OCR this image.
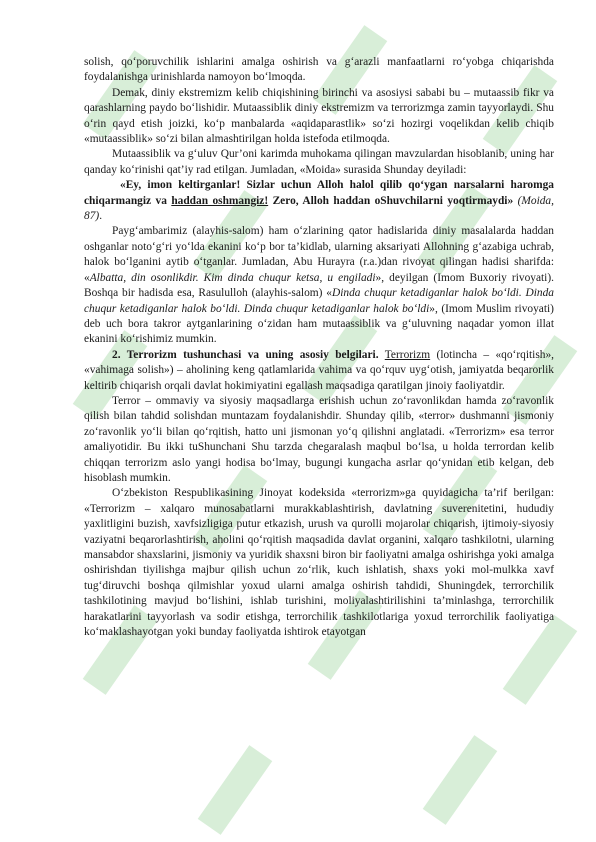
solish, qo‘poruvchilik ishlarini amalga oshirish va g‘arazli manfaatlarni ro‘yobga chiqarishda foydalanishga urinishlarda namoyon bo‘lmoqda.

Demak, diniy ekstremizm kelib chiqishining birinchi va asosiysi sababi bu – mutaassib fikr va qarashlarning paydo bo‘lishidir. Mutaassiblik diniy ekstremizm va terrorizmga zamin tayyorlaydi. Shu o‘rin qayd etish joizki, ko‘p manbalarda «aqidaparastlik» so‘zi hozirgi voqelikdan kelib chiqib «mutaassiblik» so‘zi bilan almashtirilgan holda istefoda etilmoqda.

Mutaassiblik va g‘uluv Qur’oni karimda muhokama qilingan mavzulardan hisoblanib, uning har qanday ko‘rinishi qat’iy rad etilgan. Jumladan, «Moida» surasida Shunday deyiladi:

«Ey, imon keltirganlar! Sizlar uchun Alloh halol qilib qo‘ygan narsalarni haromga chiqarmangiz va haddan oshmangiz! Zero, Alloh haddan oShuvchilarni yoqtirmaydi» (Moida, 87).

Payg‘ambarimiz (alayhis-salom) ham o‘zlarining qator hadislarida diniy masalalarda haddan oshganlar noto‘g‘ri yo‘lda ekanini ko‘p bor ta’kidlab, ularning aksariyati Allohning g‘azabiga uchrab, halok bo‘lganini aytib o‘tganlar. Jumladan, Abu Hurayra (r.a.)dan rivoyat qilingan hadisi sharifda: «Albatta, din osonlikdir. Kim dinda chuqur ketsa, u engiladi», deyilgan (Imom Buxoriy rivoyati). Boshqa bir hadisda esa, Rasululloh (alayhis-salom) «Dinda chuqur ketadiganlar halok bo‘ldi. Dinda chuqur ketadiganlar halok bo‘ldi. Dinda chuqur ketadiganlar halok bo‘ldi», (Imom Muslim rivoyati) deb uch bora takror aytganlarining o‘zidan ham mutaassiblik va g‘uluvning naqadar yomon illat ekanini ko‘rishimiz mumkin.

2. Terrorizm tushunchasi va uning asosiy belgilari. Terrorizm (lotincha – «qo‘rqitish», «vahimaga solish») – aholining keng qatlamlarida vahima va qo‘rquv uyg‘otish, jamiyatda beqarorlik keltirib chiqarish orqali davlat hokimiyatini egallash maqsadiga qaratilgan jinoiy faoliyatdir.

Terror – ommaviy va siyosiy maqsadlarga erishish uchun zo‘ravonlikdan hamda zo‘ravonlik qilish bilan tahdid solishdan muntazam foydalanishdir. Shunday qilib, «terror» dushmanni jismoniy zo‘ravonlik yo‘li bilan qo‘rqitish, hatto uni jismonan yo‘q qilishni anglatadi. «Terrorizm» esa terror amaliyotidir. Bu ikki tuShunchani Shu tarzda chegaralash maqbul bo‘lsa, u holda terrordan kelib chiqqan terrorizm aslo yangi hodisa bo‘lmay, bugungi kungacha asrlar qo‘ynidan etib kelgan, deb hisoblash mumkin.

O‘zbekiston Respublikasining Jinoyat kodeksida «terrorizm»ga quyidagicha ta’rif berilgan: «Terrorizm – xalqaro munosabatlarni murakkablashtirish, davlatning suverenitetini, hududiy yaxlitligini buzish, xavfsizligiga putur etkazish, urush va qurolli mojarolar chiqarish, ijtimoiy-siyosiy vaziyatni beqarorlashtirish, aholini qo‘rqitish maqsadida davlat organini, xalqaro tashkilotni, ularning mansabdor shaxslarini, jismoniy va yuridik shaxsni biron bir faoliyatni amalga oshirishga yoki amalga oshirishdan tiyilishga majbur qilish uchun zo‘rlik, kuch ishlatish, shaxs yoki mol-mulkka xavf tug‘diruvchi boshqa qilmishlar yoxud ularni amalga oshirish tahdidi, Shuningdek, terrorchilik tashkilotining mavjud bo‘lishini, ishlab turishini, moliyalashtirilishini ta’minlashga, terrorchilik harakatlarini tayyorlash va sodir etishga, terrorchilik tashkilotlariga yoxud terrorchilik faoliyatiga ko‘maklashayotgan yoki bunday faoliyatda ishtirok etayotgan
